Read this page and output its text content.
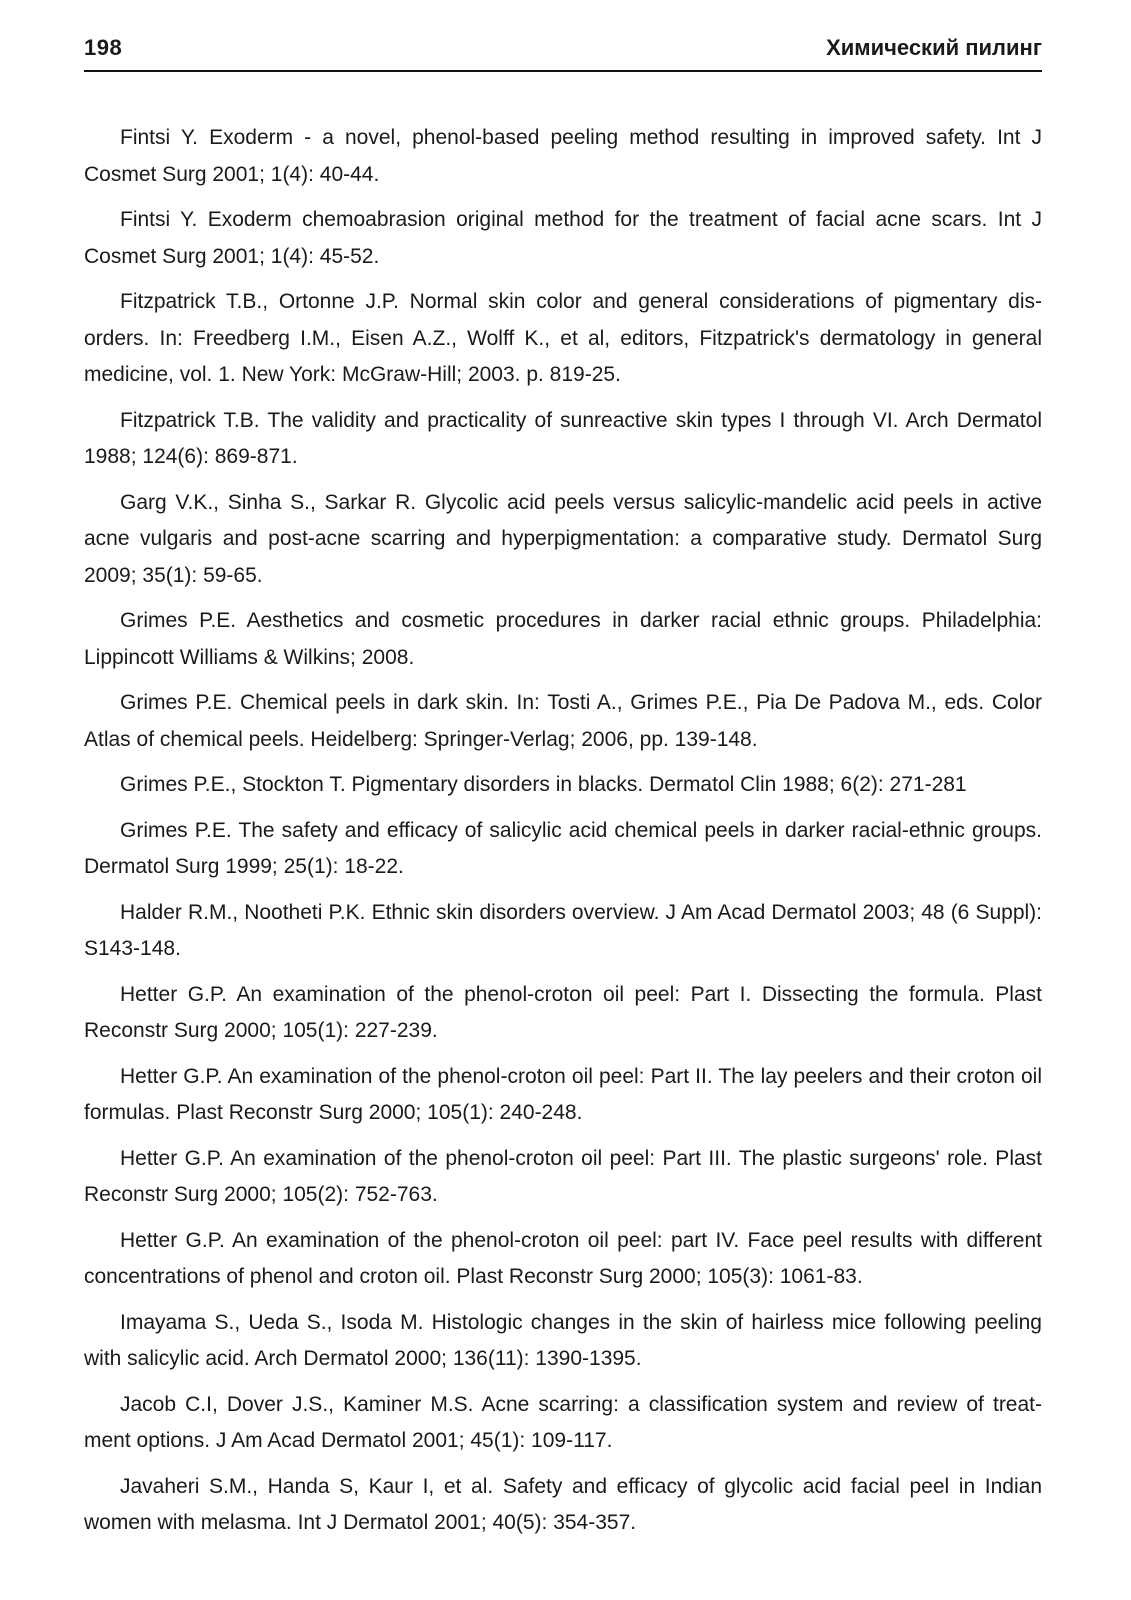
198	Химический пилинг
Fintsi Y. Exoderm - a novel, phenol-based peeling method resulting in improved safety. Int J Cosmet Surg 2001; 1(4): 40-44.
Fintsi Y. Exoderm chemoabrasion original method for the treatment of facial acne scars. Int J Cosmet Surg 2001; 1(4): 45-52.
Fitzpatrick T.B., Ortonne J.P. Normal skin color and general considerations of pigmentary dis-orders. In: Freedberg I.M., Eisen A.Z., Wolff K., et al, editors, Fitzpatrick's dermatology in general medicine, vol. 1. New York: McGraw-Hill; 2003. p. 819-25.
Fitzpatrick T.B. The validity and practicality of sunreactive skin types I through VI. Arch Dermatol 1988; 124(6): 869-871.
Garg V.K., Sinha S., Sarkar R. Glycolic acid peels versus salicylic-mandelic acid peels in active acne vulgaris and post-acne scarring and hyperpigmentation: a comparative study. Dermatol Surg 2009; 35(1): 59-65.
Grimes P.E. Aesthetics and cosmetic procedures in darker racial ethnic groups. Philadelphia: Lippincott Williams & Wilkins; 2008.
Grimes P.E. Chemical peels in dark skin. In: Tosti A., Grimes P.E., Pia De Padova M., eds. Color Atlas of chemical peels. Heidelberg: Springer-Verlag; 2006, pp. 139-148.
Grimes P.E., Stockton T. Pigmentary disorders in blacks. Dermatol Clin 1988; 6(2): 271-281
Grimes P.E. The safety and efficacy of salicylic acid chemical peels in darker racial-ethnic groups. Dermatol Surg 1999; 25(1): 18-22.
Halder R.M., Nootheti P.K. Ethnic skin disorders overview. J Am Acad Dermatol 2003; 48 (6 Suppl): S143-148.
Hetter G.P. An examination of the phenol-croton oil peel: Part I. Dissecting the formula. Plast Reconstr Surg 2000; 105(1): 227-239.
Hetter G.P. An examination of the phenol-croton oil peel: Part II. The lay peelers and their croton oil formulas. Plast Reconstr Surg 2000; 105(1): 240-248.
Hetter G.P. An examination of the phenol-croton oil peel: Part III. The plastic surgeons' role. Plast Reconstr Surg 2000; 105(2): 752-763.
Hetter G.P. An examination of the phenol-croton oil peel: part IV. Face peel results with different concentrations of phenol and croton oil. Plast Reconstr Surg 2000; 105(3): 1061-83.
Imayama S., Ueda S., Isoda M. Histologic changes in the skin of hairless mice following peeling with salicylic acid. Arch Dermatol 2000; 136(11): 1390-1395.
Jacob C.I, Dover J.S., Kaminer M.S. Acne scarring: a classification system and review of treat-ment options. J Am Acad Dermatol 2001; 45(1): 109-117.
Javaheri S.M., Handa S, Kaur I, et al. Safety and efficacy of glycolic acid facial peel in Indian women with melasma. Int J Dermatol 2001; 40(5): 354-357.
